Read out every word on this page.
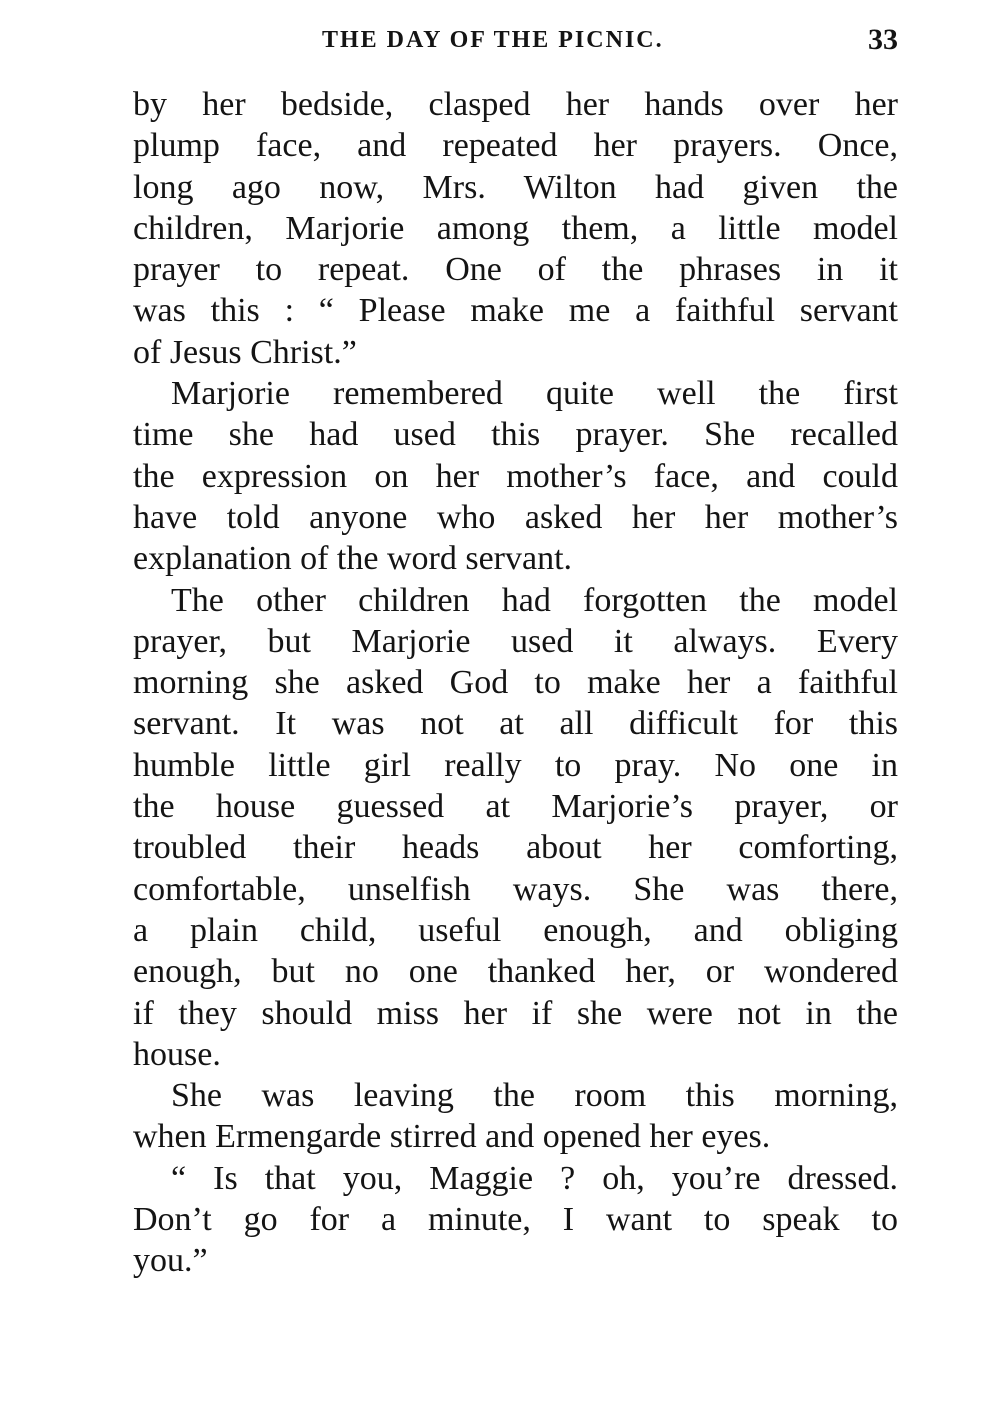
THE DAY OF THE PICNIC.	33
by her bedside, clasped her hands over her
plump face, and repeated her prayers. Once,
long ago now, Mrs. Wilton had given the
children, Marjorie among them, a little model
prayer to repeat. One of the phrases in it
was this : “ Please make me a faithful servant
of Jesus Christ.”
Marjorie remembered quite well the first
time she had used this prayer. She recalled
the expression on her mother’s face, and could
have told anyone who asked her her mother’s
explanation of the word servant.
The other children had forgotten the model
prayer, but Marjorie used it always. Every
morning she asked God to make her a faithful
servant. It was not at all difficult for this
humble little girl really to pray. No one in
the house guessed at Marjorie’s prayer, or
troubled their heads about her comforting,
comfortable, unselfish ways. She was there,
a plain child, useful enough, and obliging
enough, but no one thanked her, or wondered
if they should miss her if she were not in the
house.
She was leaving the room this morning,
when Ermengarde stirred and opened her eyes.
“ Is that you, Maggie ? oh, you’re dressed.
Don’t go for a minute, I want to speak to
you.”
